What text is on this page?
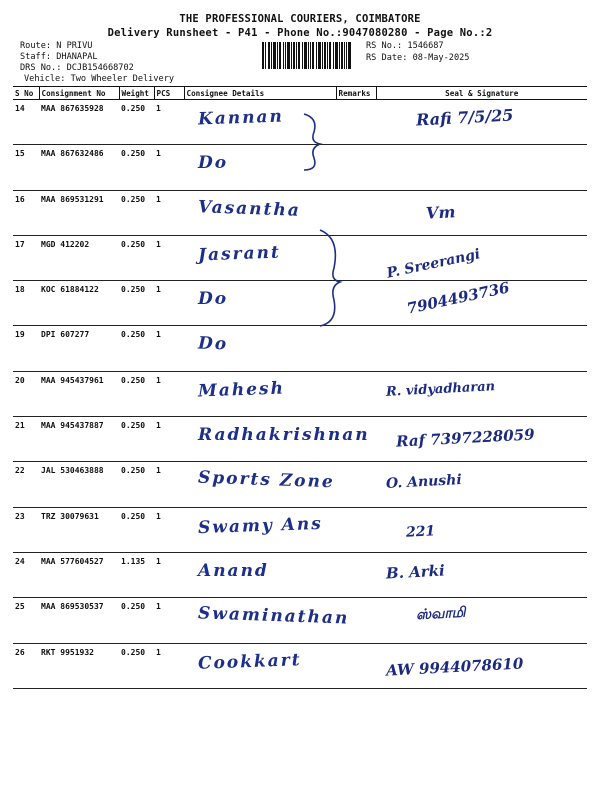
THE PROFESSIONAL COURIERS, COIMBATORE
Delivery Runsheet - P41 - Phone No.:9047080280 - Page No.:2
Route: N PRIVU
Staff: DHANAPAL
DRS No.: DCJB154668702
Vehicle: Two Wheeler Delivery
RS No.: 1546687
RS Date: 08-May-2025
S No	Consignment No	Weight	PCS	Consignee Details	Remarks	Seal & Signature
14	MAA 867635928	0.250	1	Kannan		Rafi 7/5/25

15	MAA 867632486	0.250	1	Do		

16	MAA 869531291	0.250	1	Vasantha		Vm

17	MGD 412202	0.250	1	Jasrant		P. Sreerangi

18	KOC 61884122	0.250	1	Do		7904493736

19	DPI 607277	0.250	1	Do		

20	MAA 945437961	0.250	1	Mahesh		R. vidyadharan

21	MAA 945437887	0.250	1	Radhakrishnan		Raf 7397228059

22	JAL 530463888	0.250	1	Sports Zone		O. Anushi

23	TRZ 30079631	0.250	1	Swamy Ans		221

24	MAA 577604527	1.135	1	Anand		B. Arki

25	MAA 869530537	0.250	1	Swaminathan		ஸ்வாமி

26	RKT 9951932	0.250	1	Cookkart		AW 9944078610
